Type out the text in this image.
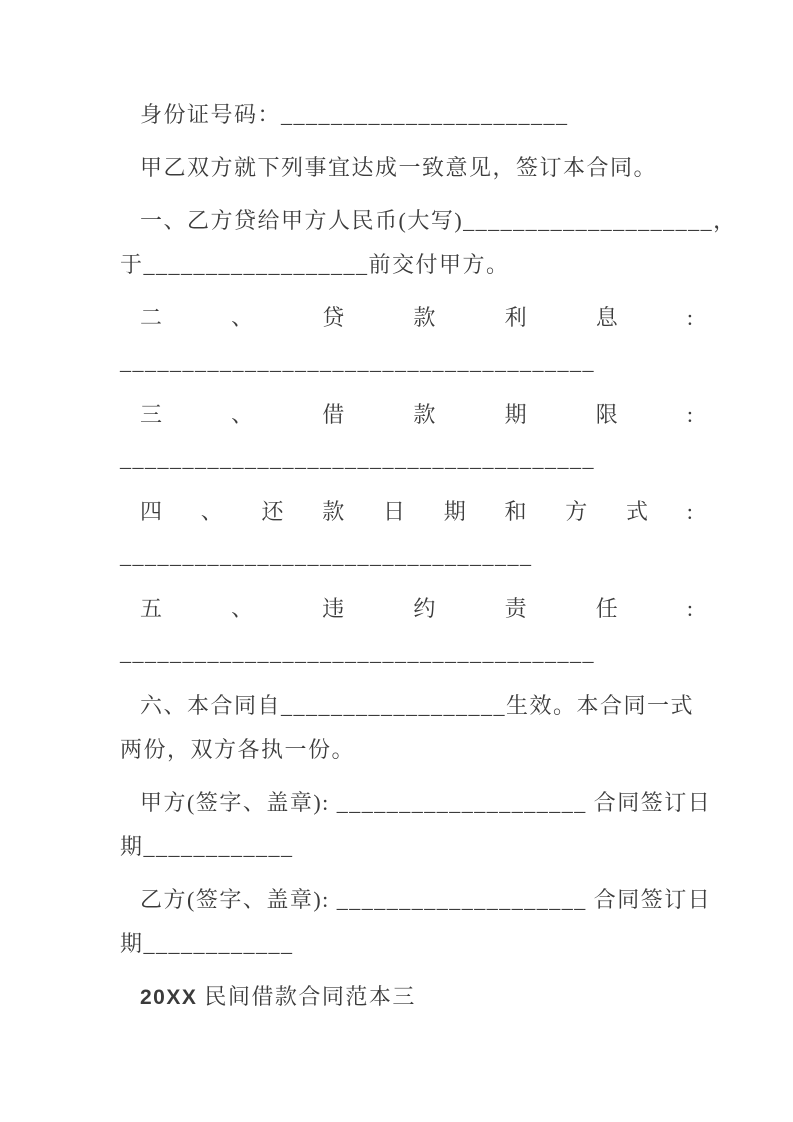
身份证号码：_______________________
甲乙双方就下列事宜达成一致意见，签订本合同。
一、乙方贷给甲方人民币(大写)____________________，
于__________________前交付甲方。
二	、	贷	款	利	息	:
______________________________________
三	、	借	款	期	限	:
______________________________________
四 、 还 款 日 期 和 方 式 :
_________________________________
五	、	违	约	责	任	:
______________________________________
六、本合同自__________________生效。本合同一式
两份，双方各执一份。
甲方(签字、盖章): ____________________ 合同签订日
期____________
乙方(签字、盖章): ____________________ 合同签订日
期____________
20XX 民间借款合同范本三
